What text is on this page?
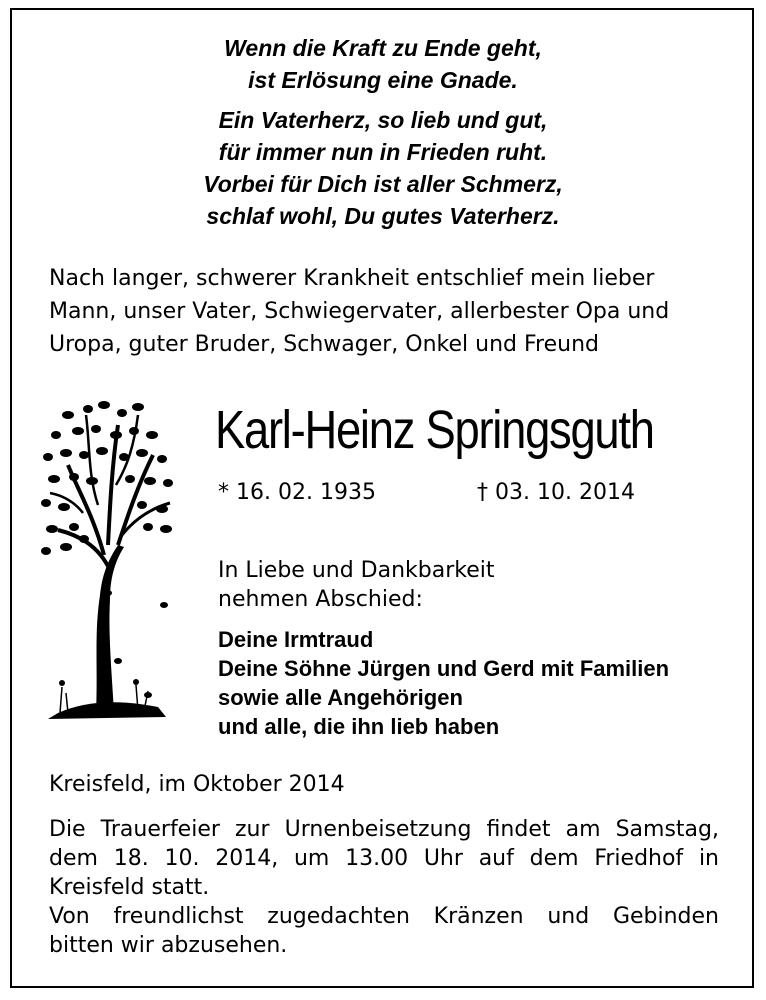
Wenn die Kraft zu Ende geht,
ist Erlösung eine Gnade.
Ein Vaterherz, so lieb und gut,
für immer nun in Frieden ruht.
Vorbei für Dich ist aller Schmerz,
schlaf wohl, Du gutes Vaterherz.
Nach langer, schwerer Krankheit entschlief mein lieber
Mann, unser Vater, Schwiegervater, allerbester Opa und
Uropa, guter Bruder, Schwager, Onkel und Freund
Karl-Heinz Springsguth
* 16. 02. 1935	† 03. 10. 2014
In Liebe und Dankbarkeit
nehmen Abschied:
Deine Irmtraud
Deine Söhne Jürgen und Gerd mit Familien
sowie alle Angehörigen
und alle, die ihn lieb haben
Kreisfeld, im Oktober 2014
Die Trauerfeier zur Urnenbeisetzung findet am Samstag,
dem 18. 10. 2014, um 13.00 Uhr auf dem Friedhof in
Kreisfeld statt.
Von freundlichst zugedachten Kränzen und Gebinden
bitten wir abzusehen.
